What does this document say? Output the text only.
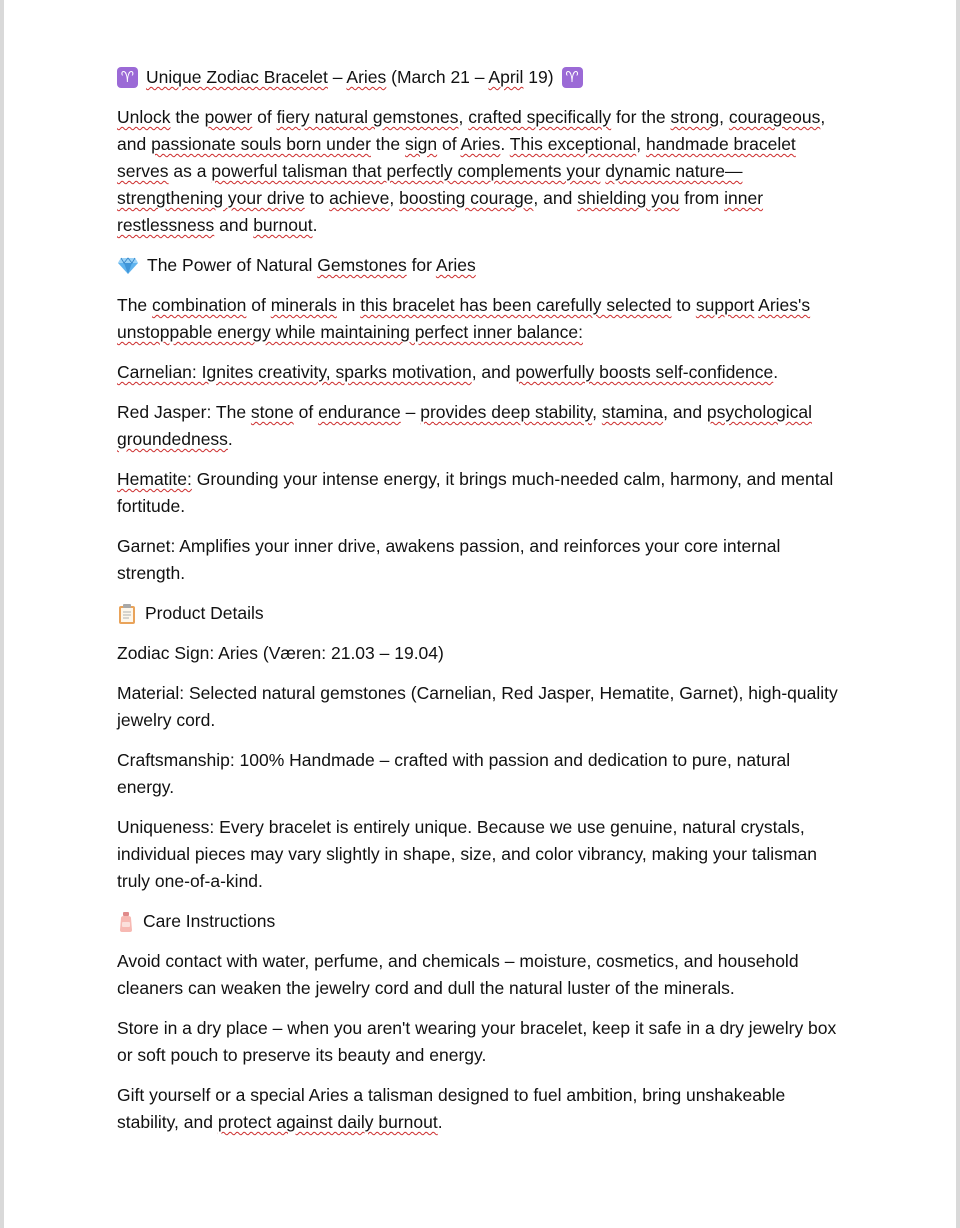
♈ Unique Zodiac Bracelet – Aries (March 21 – April 19) ♈

Unlock the power of fiery natural gemstones, crafted specifically for the strong, courageous, and passionate souls born under the sign of Aries. This exceptional, handmade bracelet serves as a powerful talisman that perfectly complements your dynamic nature—strengthening your drive to achieve, boosting courage, and shielding you from inner restlessness and burnout.

The Power of Natural Gemstones for Aries

The combination of minerals in this bracelet has been carefully selected to support Aries's unstoppable energy while maintaining perfect inner balance:

Carnelian: Ignites creativity, sparks motivation, and powerfully boosts self-confidence.

Red Jasper: The stone of endurance – provides deep stability, stamina, and psychological groundedness.

Hematite: Grounding your intense energy, it brings much-needed calm, harmony, and mental fortitude.

Garnet: Amplifies your inner drive, awakens passion, and reinforces your core internal strength.

Product Details

Zodiac Sign: Aries (Væren: 21.03 – 19.04)

Material: Selected natural gemstones (Carnelian, Red Jasper, Hematite, Garnet), high-quality jewelry cord.

Craftsmanship: 100% Handmade – crafted with passion and dedication to pure, natural energy.

Uniqueness: Every bracelet is entirely unique. Because we use genuine, natural crystals, individual pieces may vary slightly in shape, size, and color vibrancy, making your talisman truly one-of-a-kind.

Care Instructions

Avoid contact with water, perfume, and chemicals – moisture, cosmetics, and household cleaners can weaken the jewelry cord and dull the natural luster of the minerals.

Store in a dry place – when you aren't wearing your bracelet, keep it safe in a dry jewelry box or soft pouch to preserve its beauty and energy.

Gift yourself or a special Aries a talisman designed to fuel ambition, bring unshakeable stability, and protect against daily burnout.
